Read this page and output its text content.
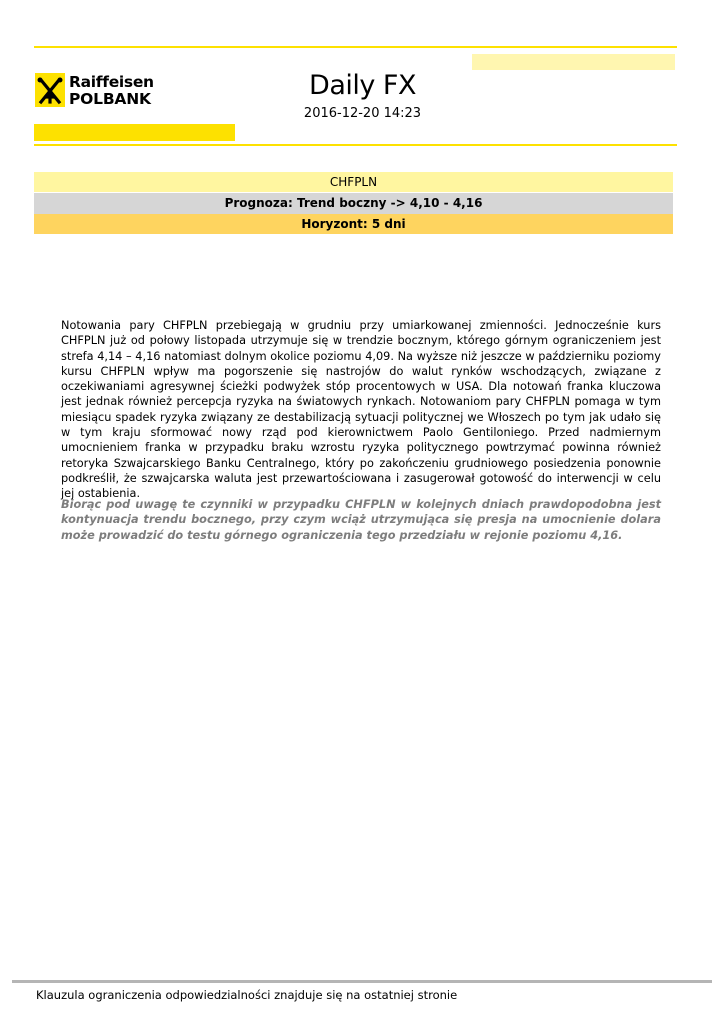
Raiffeisen
POLBANK	Daily FX
2016-12-20 14:23
CHFPLN
Prognoza: Trend boczny -> 4,10 - 4,16
Horyzont: 5 dni

Notowania pary CHFPLN przebiegają w grudniu przy umiarkowanej zmienności. Jednocześnie kurs CHFPLN już od połowy listopada utrzymuje się w trendzie bocznym, którego górnym ograniczeniem jest strefa 4,14 – 4,16 natomiast dolnym okolice poziomu 4,09. Na wyższe niż jeszcze w październiku poziomy kursu CHFPLN wpływ ma pogorszenie się nastrojów do walut rynków wschodzących, związane z oczekiwaniami agresywnej ścieżki podwyżek stóp procentowych w USA. Dla notowań franka kluczowa jest jednak również percepcja ryzyka na światowych rynkach. Notowaniom pary CHFPLN pomaga w tym miesiącu spadek ryzyka związany ze destabilizacją sytuacji politycznej we Włoszech po tym jak udało się w tym kraju sformować nowy rząd pod kierownictwem Paolo Gentiloniego. Przed nadmiernym umocnieniem franka w przypadku braku wzrostu ryzyka politycznego powtrzymać powinna również retoryka Szwajcarskiego Banku Centralnego, który po zakończeniu grudniowego posiedzenia ponownie podkreślił, że szwajcarska waluta jest przewartościowana i zasugerował gotowość do interwencji w celu jej ostabienia.

Biorąc pod uwagę te czynniki w przypadku CHFPLN w kolejnych dniach prawdopodobna jest kontynuacja trendu bocznego, przy czym wciąż utrzymująca się presja na umocnienie dolara może prowadzić do testu górnego ograniczenia tego przedziału w rejonie poziomu 4,16.

Klauzula ograniczenia odpowiedzialności znajduje się na ostatniej stronie
